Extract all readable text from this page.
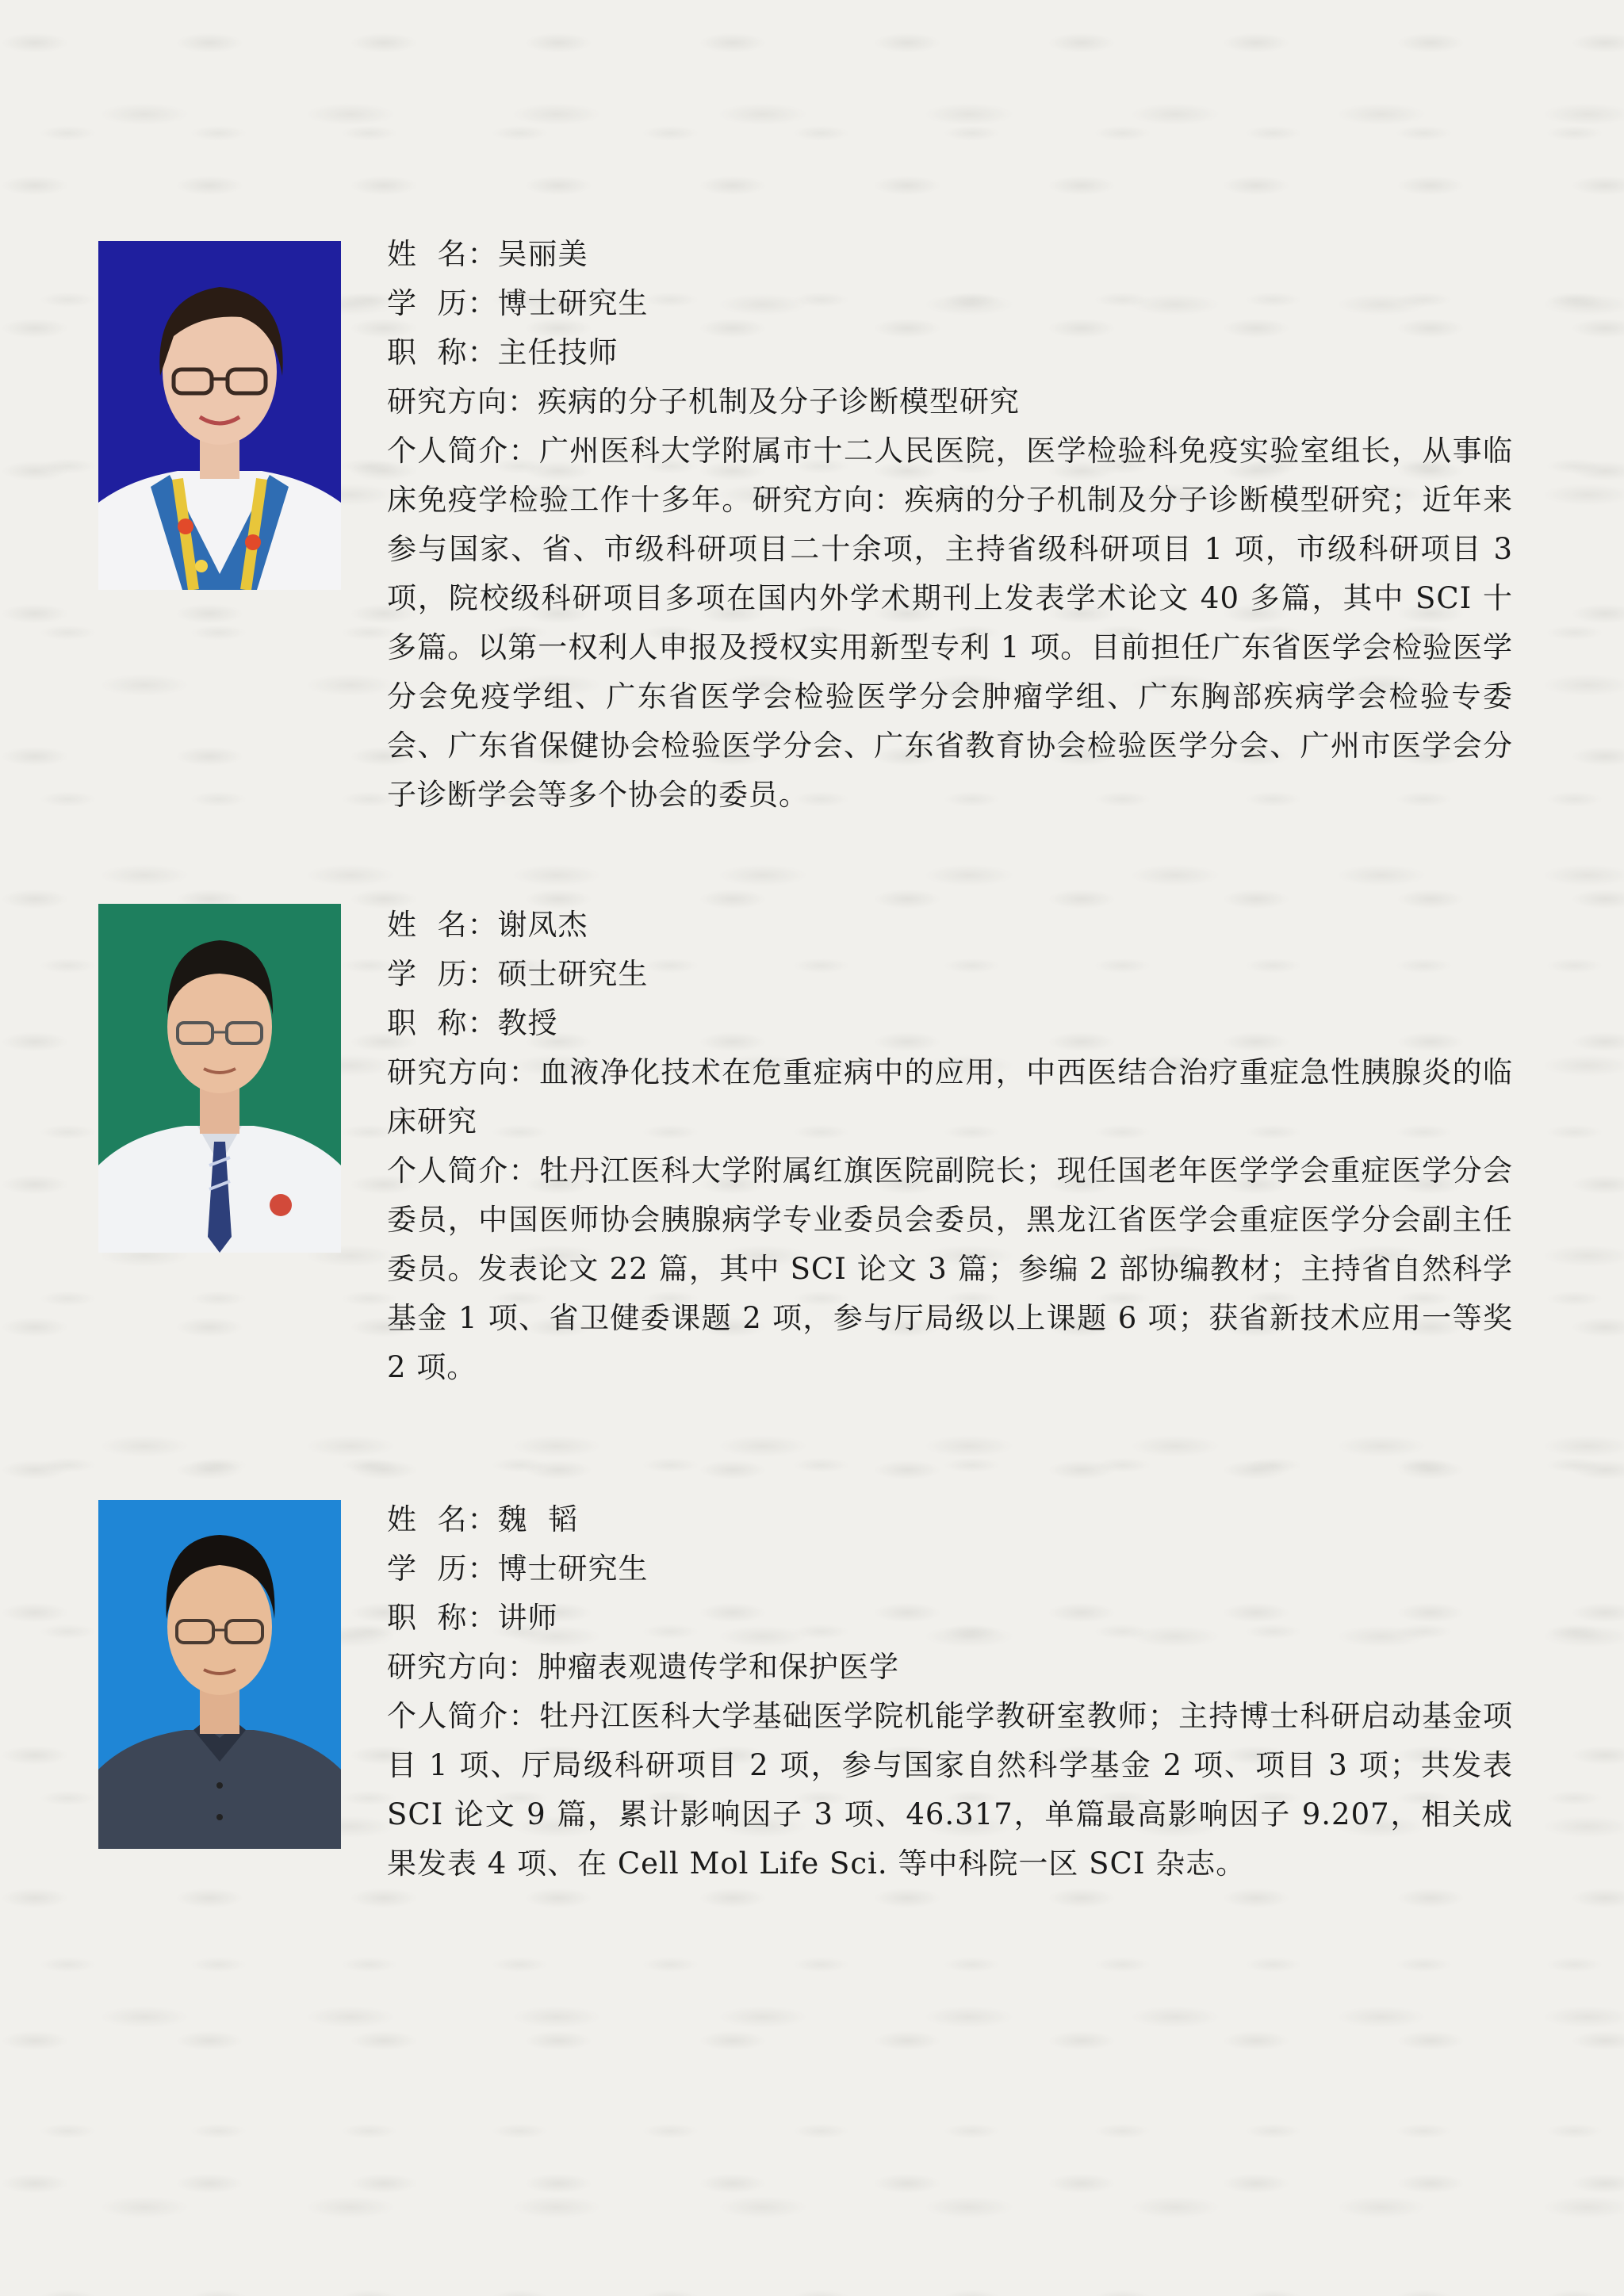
姓  名：吴丽美
学  历：博士研究生
职  称：主任技师
研究方向：疾病的分子机制及分子诊断模型研究
个人简介：广州医科大学附属市十二人民医院，医学检验科免疫实验室组长，从事临床免疫学检验工作十多年。研究方向：疾病的分子机制及分子诊断模型研究；近年来参与国家、省、市级科研项目二十余项，主持省级科研项目 1 项，市级科研项目 3 项，院校级科研项目多项在国内外学术期刊上发表学术论文 40 多篇，其中 SCI 十多篇。以第一权利人申报及授权实用新型专利 1 项。目前担任广东省医学会检验医学分会免疫学组、广东省医学会检验医学分会肿瘤学组、广东胸部疾病学会检验专委会、广东省保健协会检验医学分会、广东省教育协会检验医学分会、广州市医学会分子诊断学会等多个协会的委员。
姓  名：谢凤杰
学  历：硕士研究生
职  称：教授
研究方向：血液净化技术在危重症病中的应用，中西医结合治疗重症急性胰腺炎的临床研究
个人简介：牡丹江医科大学附属红旗医院副院长；现任国老年医学学会重症医学分会委员，中国医师协会胰腺病学专业委员会委员，黑龙江省医学会重症医学分会副主任委员。发表论文 22 篇，其中 SCI 论文 3 篇；参编 2 部协编教材；主持省自然科学基金 1 项、省卫健委课题 2 项，参与厅局级以上课题 6 项；获省新技术应用一等奖 2 项。
姓  名：魏  韬
学  历：博士研究生
职  称：讲师
研究方向：肿瘤表观遗传学和保护医学
个人简介：牡丹江医科大学基础医学院机能学教研室教师；主持博士科研启动基金项目 1 项、厅局级科研项目 2 项，参与国家自然科学基金 2 项、项目 3 项；共发表 SCI 论文 9 篇，累计影响因子 3 项、46.317，单篇最高影响因子 9.207，相关成果发表 4 项、在 Cell Mol Life Sci. 等中科院一区 SCI 杂志。
